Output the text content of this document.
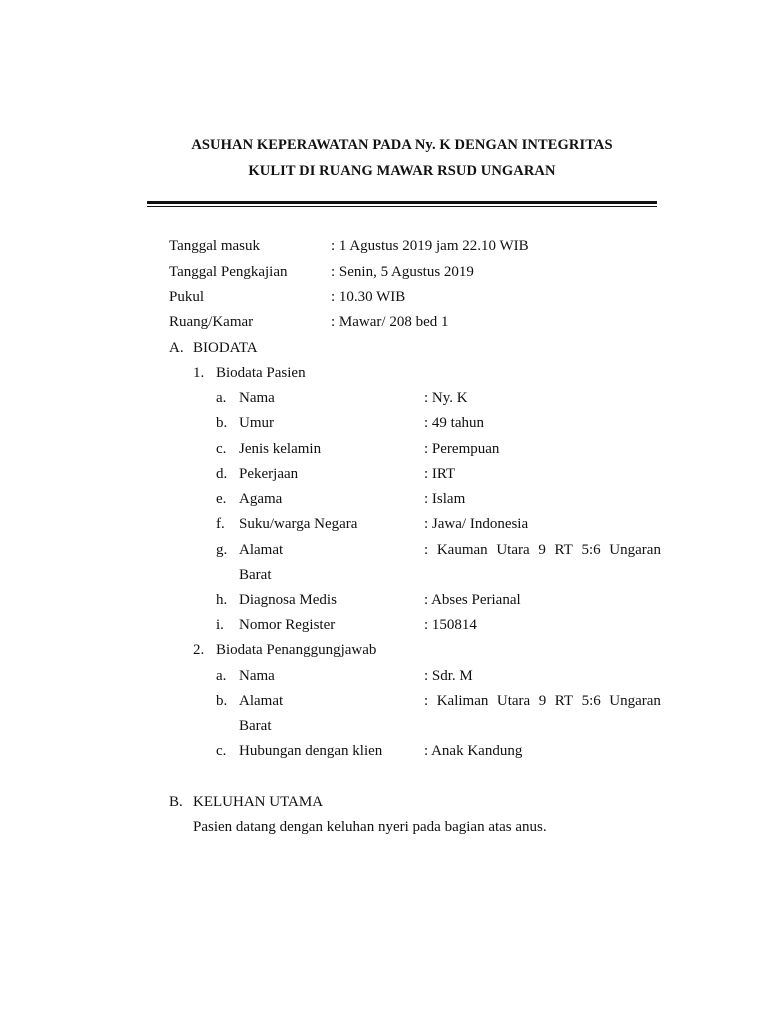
ASUHAN KEPERAWATAN PADA Ny. K DENGAN INTEGRITAS
KULIT DI RUANG MAWAR RSUD UNGARAN
Tanggal masuk	: 1 Agustus 2019 jam 22.10 WIB
Tanggal Pengkajian	: Senin, 5 Agustus 2019
Pukul	: 10.30 WIB
Ruang/Kamar	: Mawar/ 208 bed 1
A. BIODATA
1. Biodata Pasien
a. Nama	: Ny. K
b. Umur	: 49 tahun
c. Jenis kelamin	: Perempuan
d. Pekerjaan	: IRT
e. Agama	: Islam
f. Suku/warga Negara	: Jawa/ Indonesia
g. Alamat	: Kauman Utara 9 RT 5:6 Ungaran
Barat
h. Diagnosa Medis	: Abses Perianal
i. Nomor Register	: 150814
2. Biodata Penanggungjawab
a. Nama	: Sdr. M
b. Alamat	: Kaliman Utara 9 RT 5:6 Ungaran
Barat
c. Hubungan dengan klien	: Anak Kandung
B. KELUHAN UTAMA
Pasien datang dengan keluhan nyeri pada bagian atas anus.
